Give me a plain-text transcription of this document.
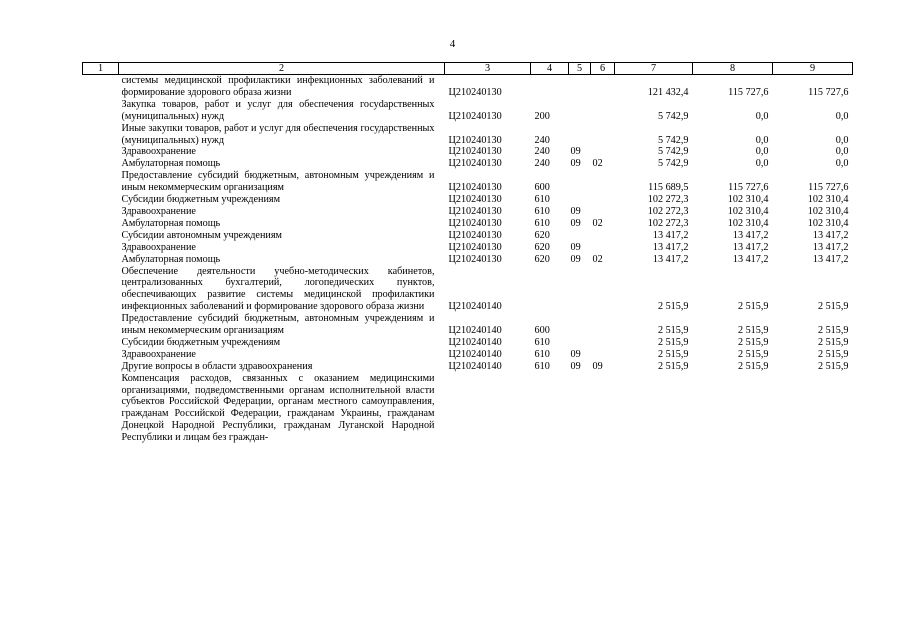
4
1	2	3	4	5	6	7	8	9
	системы медицинской профилактики инфекционных заболеваний и формирование здорового образа жизни	Ц210240130				121 432,4	115 727,6	115 727,6
	Закупка товаров, работ и услуг для обеспечения госуdарственных (муниципальных) нужд	Ц210240130	200			5 742,9	0,0	0,0
	Иные закупки товаров, работ и услуг для обеспечения государственных (муниципальных) нужд	Ц210240130	240			5 742,9	0,0	0,0
	Здравоохранение	Ц210240130	240	09		5 742,9	0,0	0,0
	Амбулаторная помощь	Ц210240130	240	09	02	5 742,9	0,0	0,0
	Предоставление субсидий бюджетным, автономным учреждениям и иным некоммерческим организациям	Ц210240130	600			115 689,5	115 727,6	115 727,6
	Субсидии бюджетным учреждениям	Ц210240130	610			102 272,3	102 310,4	102 310,4
	Здравоохранение	Ц210240130	610	09		102 272,3	102 310,4	102 310,4
	Амбулаторная помощь	Ц210240130	610	09	02	102 272,3	102 310,4	102 310,4
	Субсидии автономным учреждениям	Ц210240130	620			13 417,2	13 417,2	13 417,2
	Здравоохранение	Ц210240130	620	09		13 417,2	13 417,2	13 417,2
	Амбулаторная помощь	Ц210240130	620	09	02	13 417,2	13 417,2	13 417,2
	Обеспечение деятельности учебно-методических кабинетов, централизованных бухгалтерий, логопедических пунктов, обеспечивающих развитие системы медицинской профилактики инфекционных заболеваний и формирование здорового образа жизни	Ц210240140				2 515,9	2 515,9	2 515,9
	Предоставление субсидий бюджетным, автономным учреждениям и иным некоммерческим организациям	Ц210240140	600			2 515,9	2 515,9	2 515,9
	Субсидии бюджетным учреждениям	Ц210240140	610			2 515,9	2 515,9	2 515,9
	Здравоохранение	Ц210240140	610	09		2 515,9	2 515,9	2 515,9
	Другие вопросы в области здравоохранения	Ц210240140	610	09	09	2 515,9	2 515,9	2 515,9
	Компенсация расходов, связанных с оказанием медицинскими организациями, подведомственными органам исполнительной власти субъектов Российской Федерации, органам местного самоуправления, гражданам Российской Федерации, гражданам Украины, гражданам Донецкой Народной Республики, гражданам Луганской Народной Республики и лицам без граждан-							
